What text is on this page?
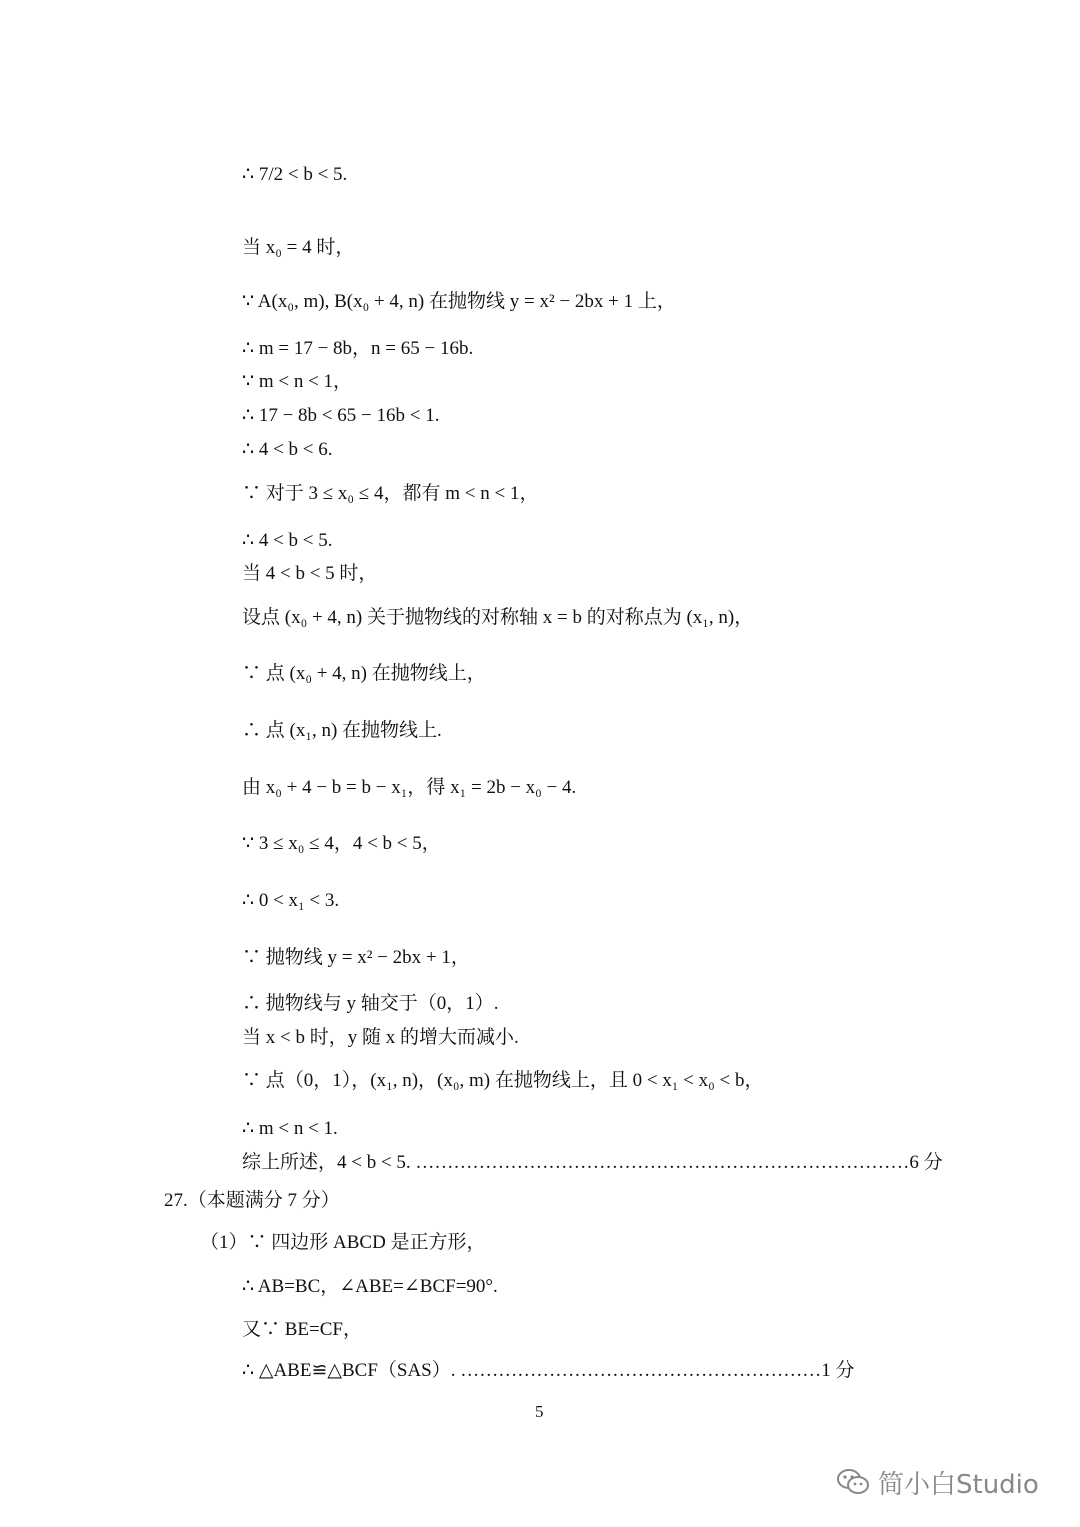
∴ 7/2 < b < 5.
当 x₀ = 4 时，
∵ A(x₀, m), B(x₀ + 4, n) 在抛物线 y = x² − 2bx + 1 上，
∴ m = 17 − 8b，n = 65 − 16b.
∵ m < n < 1，
∴ 17 − 8b < 65 − 16b < 1.
∴ 4 < b < 6.
∵ 对于 3 ≤ x₀ ≤ 4，都有 m < n < 1，
∴ 4 < b < 5.
当 4 < b < 5 时，
设点 (x₀ + 4, n) 关于抛物线的对称轴 x = b 的对称点为 (x₁, n)，
∵ 点 (x₀ + 4, n) 在抛物线上，
∴ 点 (x₁, n) 在抛物线上.
由 x₀ + 4 − b = b − x₁，得 x₁ = 2b − x₀ − 4.
∵ 3 ≤ x₀ ≤ 4，4 < b < 5，
∴ 0 < x₁ < 3.
∵ 抛物线 y = x² − 2bx + 1，
∴ 抛物线与 y 轴交于（0，1）.
当 x < b 时，y 随 x 的增大而减小.
∵ 点（0，1），(x₁, n)，(x₀, m) 在抛物线上，且 0 < x₁ < x₀ < b，
∴ m < n < 1.
综上所述，4 < b < 5. ……………………………………………………………………6 分
27.（本题满分 7 分）
（1）∵ 四边形 ABCD 是正方形，
∴ AB=BC，∠ABE=∠BCF=90°.
又∵ BE=CF，
∴ △ABE≌△BCF（SAS）. …………………………………………………1 分
5
简小白Studio
